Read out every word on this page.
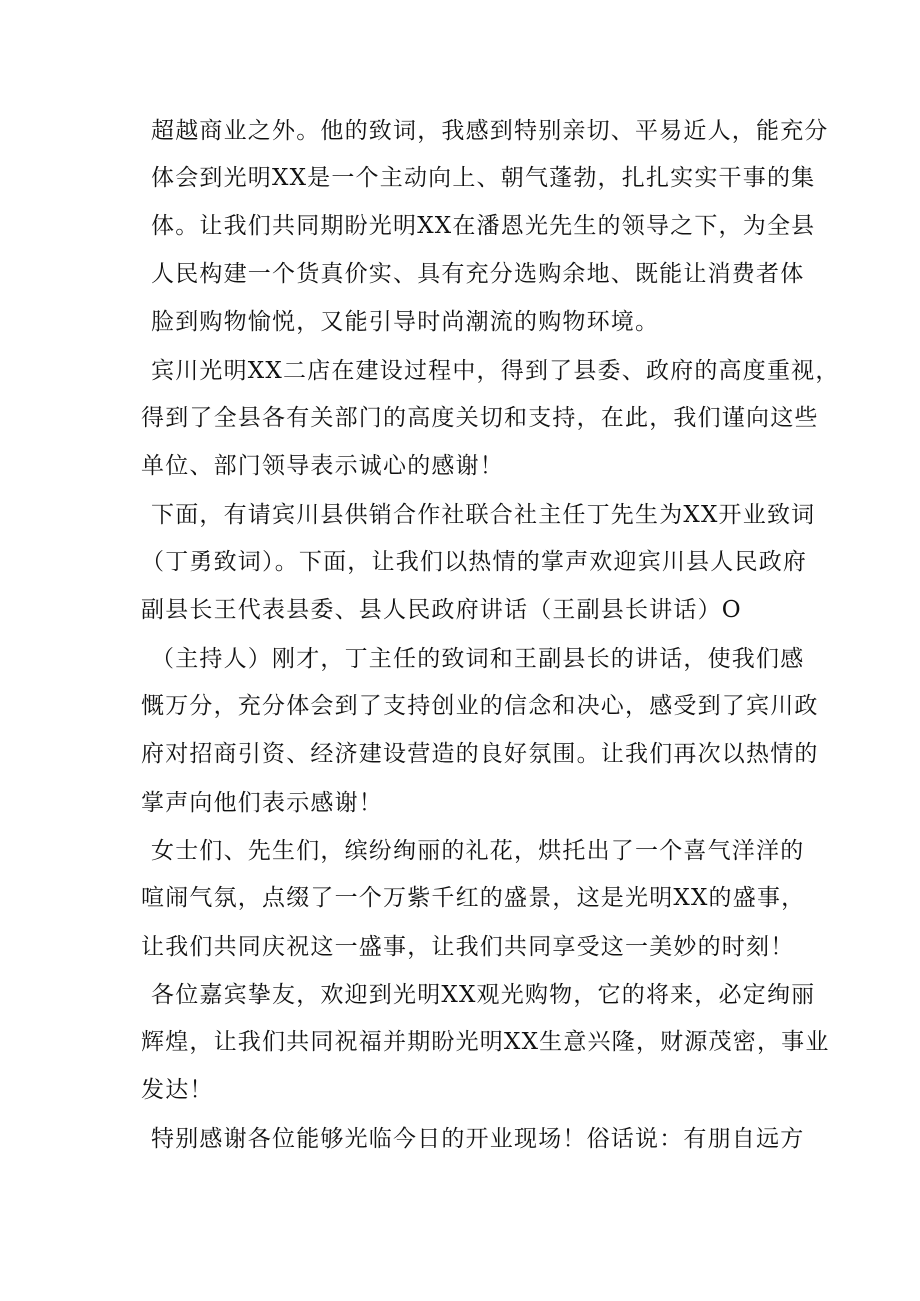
超越商业之外。他的致词，我感到特别亲切、平易近人，能充分
体会到光明XX是一个主动向上、朝气蓬勃，扎扎实实干事的集
体。让我们共同期盼光明XX在潘恩光先生的领导之下，为全县
人民构建一个货真价实、具有充分选购余地、既能让消费者体
脸到购物愉悦，又能引导时尚潮流的购物环境。
宾川光明XX二店在建设过程中，得到了县委、政府的高度重视，
得到了全县各有关部门的高度关切和支持，在此，我们谨向这些
单位、部门领导表示诚心的感谢！
下面，有请宾川县供销合作社联合社主任丁先生为XX开业致词
（丁勇致词）。下面，让我们以热情的掌声欢迎宾川县人民政府
副县长王代表县委、县人民政府讲话（王副县长讲话）O
（主持人）刚才，丁主任的致词和王副县长的讲话，使我们感
慨万分，充分体会到了支持创业的信念和决心，感受到了宾川政
府对招商引资、经济建设营造的良好氛围。让我们再次以热情的
掌声向他们表示感谢！
女士们、先生们，缤纷绚丽的礼花，烘托出了一个喜气洋洋的
喧闹气氛，点缀了一个万紫千红的盛景，这是光明XX的盛事，
让我们共同庆祝这一盛事，让我们共同享受这一美妙的时刻！
各位嘉宾挚友，欢迎到光明XX观光购物，它的将来，必定绚丽
辉煌，让我们共同祝福并期盼光明XX生意兴隆，财源茂密，事业
发达！
特别感谢各位能够光临今日的开业现场！俗话说：有朋自远方
